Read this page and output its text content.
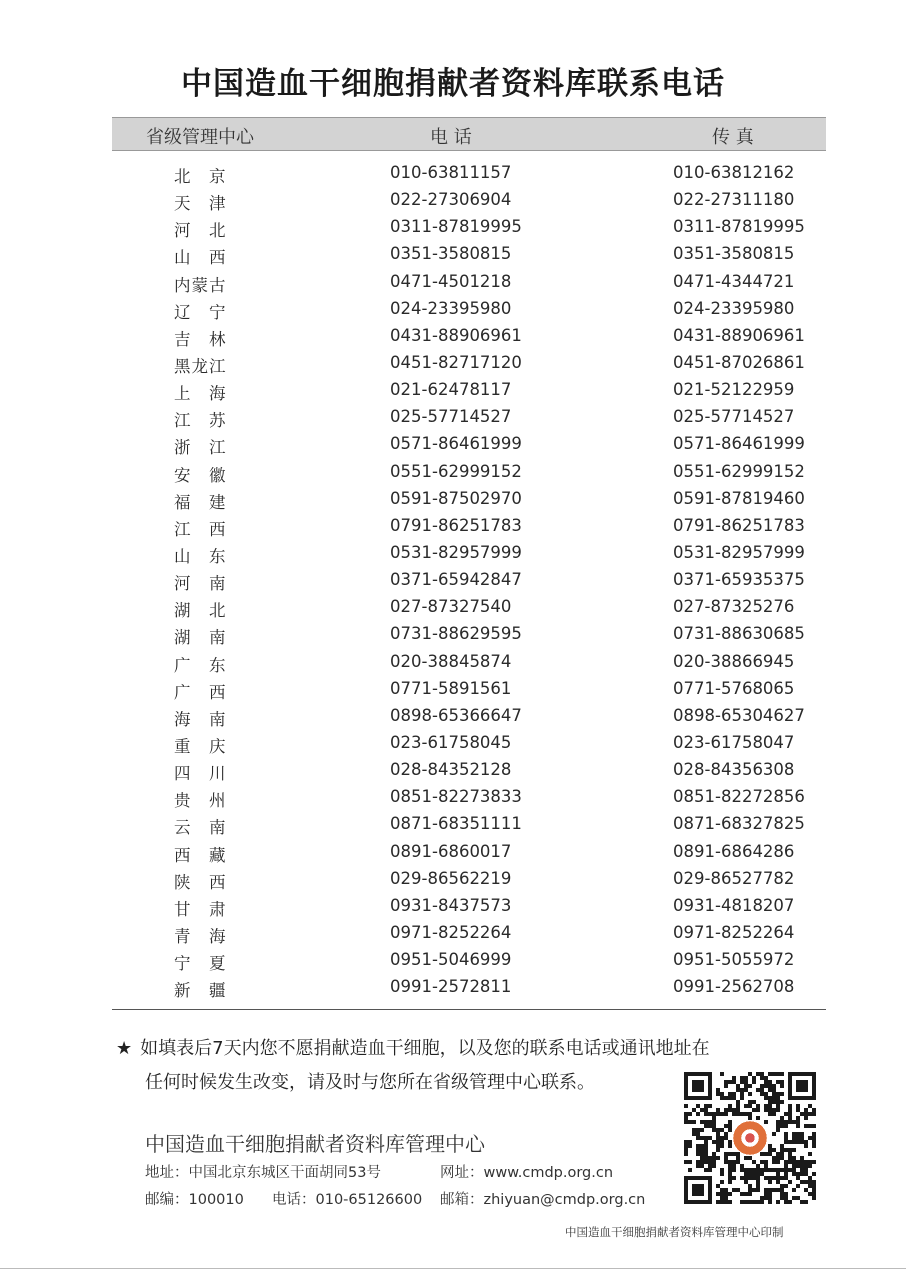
中国造血干细胞捐献者资料库联系电话
省级管理中心	电 话	传 真
北　京	010-63811157	010-63812162
天　津	022-27306904	022-27311180
河　北	0311-87819995	0311-87819995
山　西	0351-3580815	0351-3580815
内蒙古	0471-4501218	0471-4344721
辽　宁	024-23395980	024-23395980
吉　林	0431-88906961	0431-88906961
黑龙江	0451-82717120	0451-87026861
上　海	021-62478117	021-52122959
江　苏	025-57714527	025-57714527
浙　江	0571-86461999	0571-86461999
安　徽	0551-62999152	0551-62999152
福　建	0591-87502970	0591-87819460
江　西	0791-86251783	0791-86251783
山　东	0531-82957999	0531-82957999
河　南	0371-65942847	0371-65935375
湖　北	027-87327540	027-87325276
湖　南	0731-88629595	0731-88630685
广　东	020-38845874	020-38866945
广　西	0771-5891561	0771-5768065
海　南	0898-65366647	0898-65304627
重　庆	023-61758045	023-61758047
四　川	028-84352128	028-84356308
贵　州	0851-82273833	0851-82272856
云　南	0871-68351111	0871-68327825
西　藏	0891-6860017	0891-6864286
陕　西	029-86562219	029-86527782
甘　肃	0931-8437573	0931-4818207
青　海	0971-8252264	0971-8252264
宁　夏	0951-5046999	0951-5055972
新　疆	0991-2572811	0991-2562708
★ 如填表后7天内您不愿捐献造血干细胞，以及您的联系电话或通讯地址在
任何时候发生改变，请及时与您所在省级管理中心联系。
中国造血干细胞捐献者资料库管理中心
地址：中国北京东城区干面胡同53号	网址：www.cmdp.org.cn
邮编：100010 电话：010-65126600 邮箱：zhiyuan@cmdp.org.cn
中国造血干细胞捐献者资料库管理中心印制
